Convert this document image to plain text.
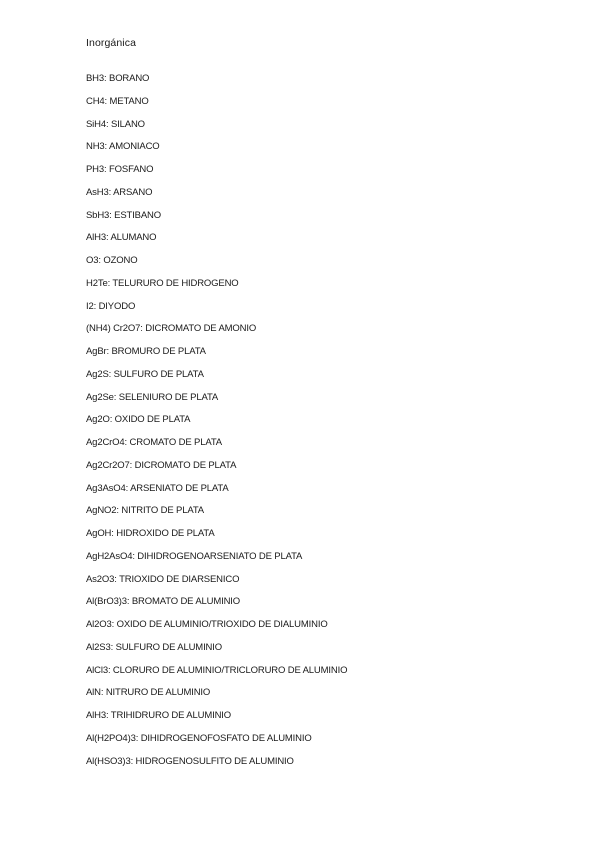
Inorgánica
BH3: BORANO
CH4: METANO
SiH4: SILANO
NH3: AMONIACO
PH3: FOSFANO
AsH3: ARSANO
SbH3: ESTIBANO
AlH3: ALUMANO
O3: OZONO
H2Te: TELURURO DE HIDROGENO
I2: DIYODO
(NH4) Cr2O7: DICROMATO DE AMONIO
AgBr: BROMURO DE PLATA
Ag2S: SULFURO DE PLATA
Ag2Se: SELENIURO DE PLATA
Ag2O: OXIDO DE PLATA
Ag2CrO4: CROMATO DE PLATA
Ag2Cr2O7: DICROMATO DE PLATA
Ag3AsO4: ARSENIATO DE PLATA
AgNO2: NITRITO DE PLATA
AgOH: HIDROXIDO DE PLATA
AgH2AsO4: DIHIDROGENOARSENIATO DE PLATA
As2O3: TRIOXIDO DE DIARSENICO
Al(BrO3)3: BROMATO DE ALUMINIO
Al2O3: OXIDO DE ALUMINIO/TRIOXIDO DE DIALUMINIO
Al2S3: SULFURO DE ALUMINIO
AlCl3: CLORURO DE ALUMINIO/TRICLORURO DE ALUMINIO
AlN: NITRURO DE ALUMINIO
AlH3: TRIHIDRURO DE ALUMINIO
Al(H2PO4)3: DIHIDROGENOFOSFATO DE ALUMINIO
Al(HSO3)3: HIDROGENOSULFITO DE ALUMINIO
